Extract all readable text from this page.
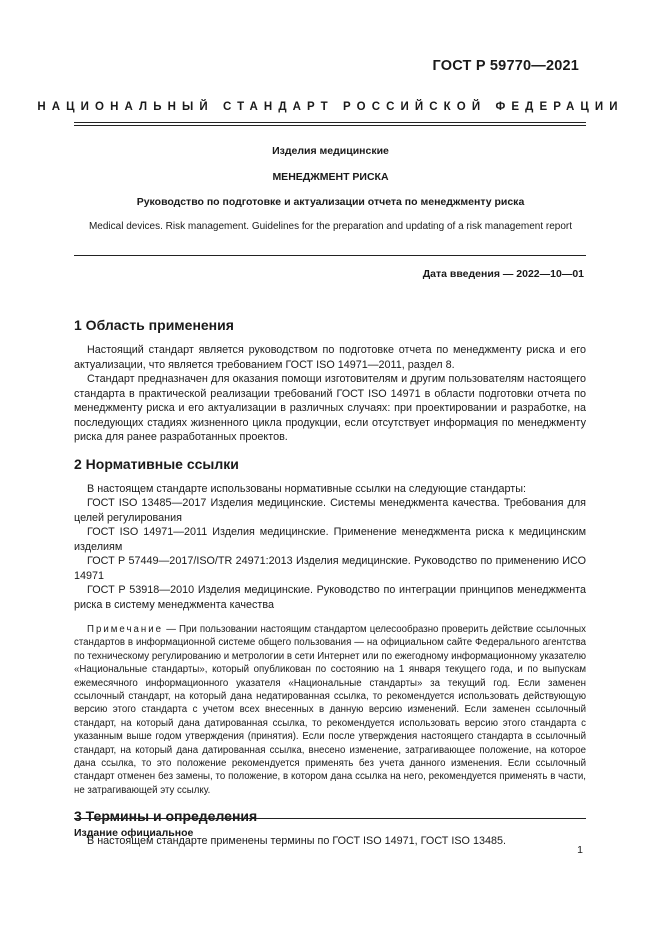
ГОСТ Р 59770—2021
НАЦИОНАЛЬНЫЙ СТАНДАРТ РОССИЙСКОЙ ФЕДЕРАЦИИ
Изделия медицинские
МЕНЕДЖМЕНТ РИСКА
Руководство по подготовке и актуализации отчета по менеджменту риска
Medical devices. Risk management. Guidelines for the preparation and updating of a risk management report
Дата введения — 2022—10—01
1 Область применения

Настоящий стандарт является руководством по подготовке отчета по менеджменту риска и его актуализации, что является требованием ГОСТ ISO 14971—2011, раздел 8.

Стандарт предназначен для оказания помощи изготовителям и другим пользователям настоящего стандарта в практической реализации требований ГОСТ ISO 14971 в области подготовки отчета по менеджменту риска и его актуализации в различных случаях: при проектировании и разработке, на последующих стадиях жизненного цикла продукции, если отсутствует информация по менеджменту риска для ранее разработанных проектов.

2 Нормативные ссылки

В настоящем стандарте использованы нормативные ссылки на следующие стандарты:

ГОСТ ISO 13485—2017 Изделия медицинские. Системы менеджмента качества. Требования для целей регулирования

ГОСТ ISO 14971—2011 Изделия медицинские. Применение менеджмента риска к медицинским изделиям

ГОСТ Р 57449—2017/ISO/TR 24971:2013 Изделия медицинские. Руководство по применению ИСО 14971

ГОСТ Р 53918—2010 Изделия медицинские. Руководство по интеграции принципов менеджмента риска в систему менеджмента качества

Примечание — При пользовании настоящим стандартом целесообразно проверить действие ссылочных стандартов в информационной системе общего пользования — на официальном сайте Федерального агентства по техническому регулированию и метрологии в сети Интернет или по ежегодному информационному указателю «Национальные стандарты», который опубликован по состоянию на 1 января текущего года, и по выпускам ежемесячного информационного указателя «Национальные стандарты» за текущий год. Если заменен ссылочный стандарт, на который дана недатированная ссылка, то рекомендуется использовать действующую версию этого стандарта с учетом всех внесенных в данную версию изменений. Если заменен ссылочный стандарт, на который дана датированная ссылка, то рекомендуется использовать версию этого стандарта с указанным выше годом утверждения (принятия). Если после утверждения настоящего стандарта в ссылочный стандарт, на который дана датированная ссылка, внесено изменение, затрагивающее положение, на которое дана ссылка, то это положение рекомендуется применять без учета данного изменения. Если ссылочный стандарт отменен без замены, то положение, в котором дана ссылка на него, рекомендуется применять в части, не затрагивающей эту ссылку.
3 Термины и определения

В настоящем стандарте применены термины по ГОСТ ISO 14971, ГОСТ ISO 13485.

Издание официальное
1
